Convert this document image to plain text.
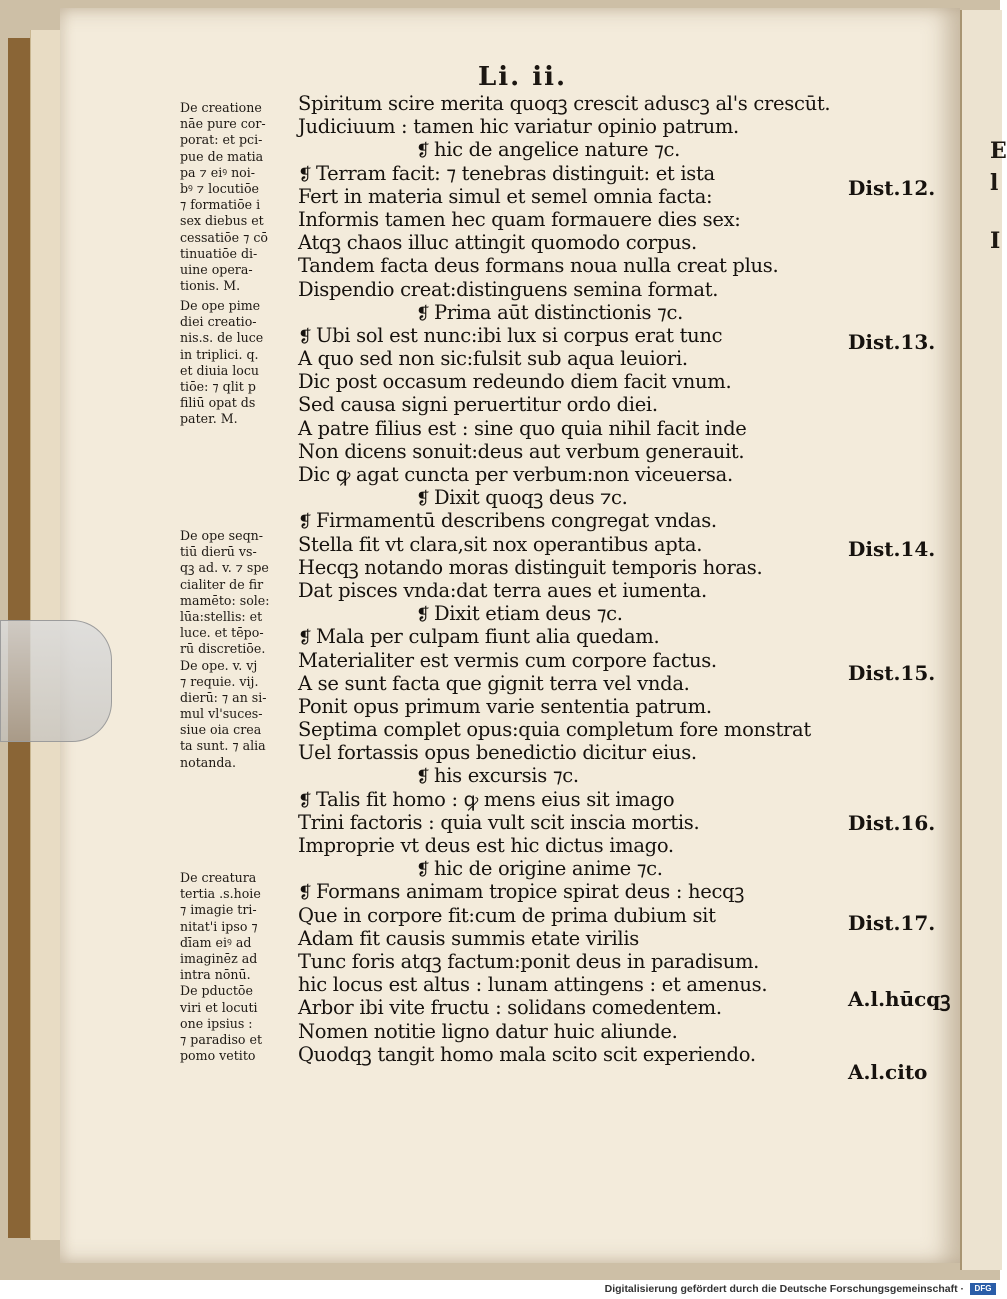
E
l
I
Li. ii.
De creatione
nāe pure cor-
porat: et pci-
pue de matia
pa ⁊ eiꝰ noi-
bꝰ ⁊ locutiōe
⁊ formatiōe i
sex diebus et
cessatiōe ⁊ cō
tinuatiōe di-
uine opera-
tionis. M.
De ope pime
diei creatio-
nis.s. de luce
in triplici. q.
et diuia locu
tiōe: ⁊ qlit p
filiū opat ds
pater. M.
De ope seqn-
tiū dierū vs-
qꝫ ad. v. ⁊ spe
cialiter de fir
mamēto: sole:
lūa:stellis: et
luce. et tēpo-
rū discretiōe.
De ope. v. vj
⁊ requie. vij.
dierū: ⁊ an si-
mul vl'suces-
siue oia crea
ta sunt. ⁊ alia
notanda.
De creatura
tertia .s.hoie
⁊ imagie tri-
nitat'i ipso ⁊
dīam eiꝰ ad
imaginēz ad
intra nōnū.
De pductōe
viri et locuti
one ipsius :
⁊ paradiso et
pomo vetito
Spiritum scire merita quoqꝫ crescit aduscꝫ al's crescūt.
Judiciuum : tamen hic variatur opinio patrum.
❡ hic de angelice nature ⁊c.
❡ Terram facit: ⁊ tenebras distinguit: et ista
Fert in materia simul et semel omnia facta:
Informis tamen hec quam formauere dies sex:
Atqꝫ chaos illuc attingit quomodo corpus.
Tandem facta deus formans noua nulla creat plus.
Dispendio creat:distinguens semina format.
❡ Prima aūt distinctionis ⁊c.
❡ Ubi sol est nunc:ibi lux si corpus erat tunc
A quo sed non sic:fulsit sub aqua leuiori.
Dic post occasum redeundo diem facit vnum.
Sed causa signi peruertitur ordo diei.
A patre filius est : sine quo quia nihil facit inde
Non dicens sonuit:deus aut verbum generauit.
Dic ꝙ agat cuncta per verbum:non viceuersa.
❡ Dixit quoqꝫ deus ⁊c.
❡ Firmamentū describens congregat vndas.
Stella fit vt clara,sit nox operantibus apta.
Hecqꝫ notando moras distinguit temporis horas.
Dat pisces vnda:dat terra aues et iumenta.
❡ Dixit etiam deus ⁊c.
❡ Mala per culpam fiunt alia quedam.
Materialiter est vermis cum corpore factus.
A se sunt facta que gignit terra vel vnda.
Ponit opus primum varie sententia patrum.
Septima complet opus:quia completum fore monstrat
Uel fortassis opus benedictio dicitur eius.
❡ his excursis ⁊c.
❡ Talis fit homo : ꝙ mens eius sit imago
Trini factoris : quia vult scit inscia mortis.
Improprie vt deus est hic dictus imago.
❡ hic de origine anime ⁊c.
❡ Formans animam tropice spirat deus : hecqꝫ
Que in corpore fit:cum de prima dubium sit
Adam fit causis summis etate virilis
Tunc foris atqꝫ factum:ponit deus in paradisum.
hic locus est altus : lunam attingens : et amenus.
Arbor ibi vite fructu : solidans comedentem.
Nomen notitie ligno datur huic aliunde.
Quodqꝫ tangit homo mala scito scit experiendo.
Dist.12.
Dist.13.
Dist.14.
Dist.15.
Dist.16.
Dist.17.
A.l.hūcqꝫ
A.l.cito
Digitalisierung gefördert durch die Deutsche Forschungsgemeinschaft ·	DFG
